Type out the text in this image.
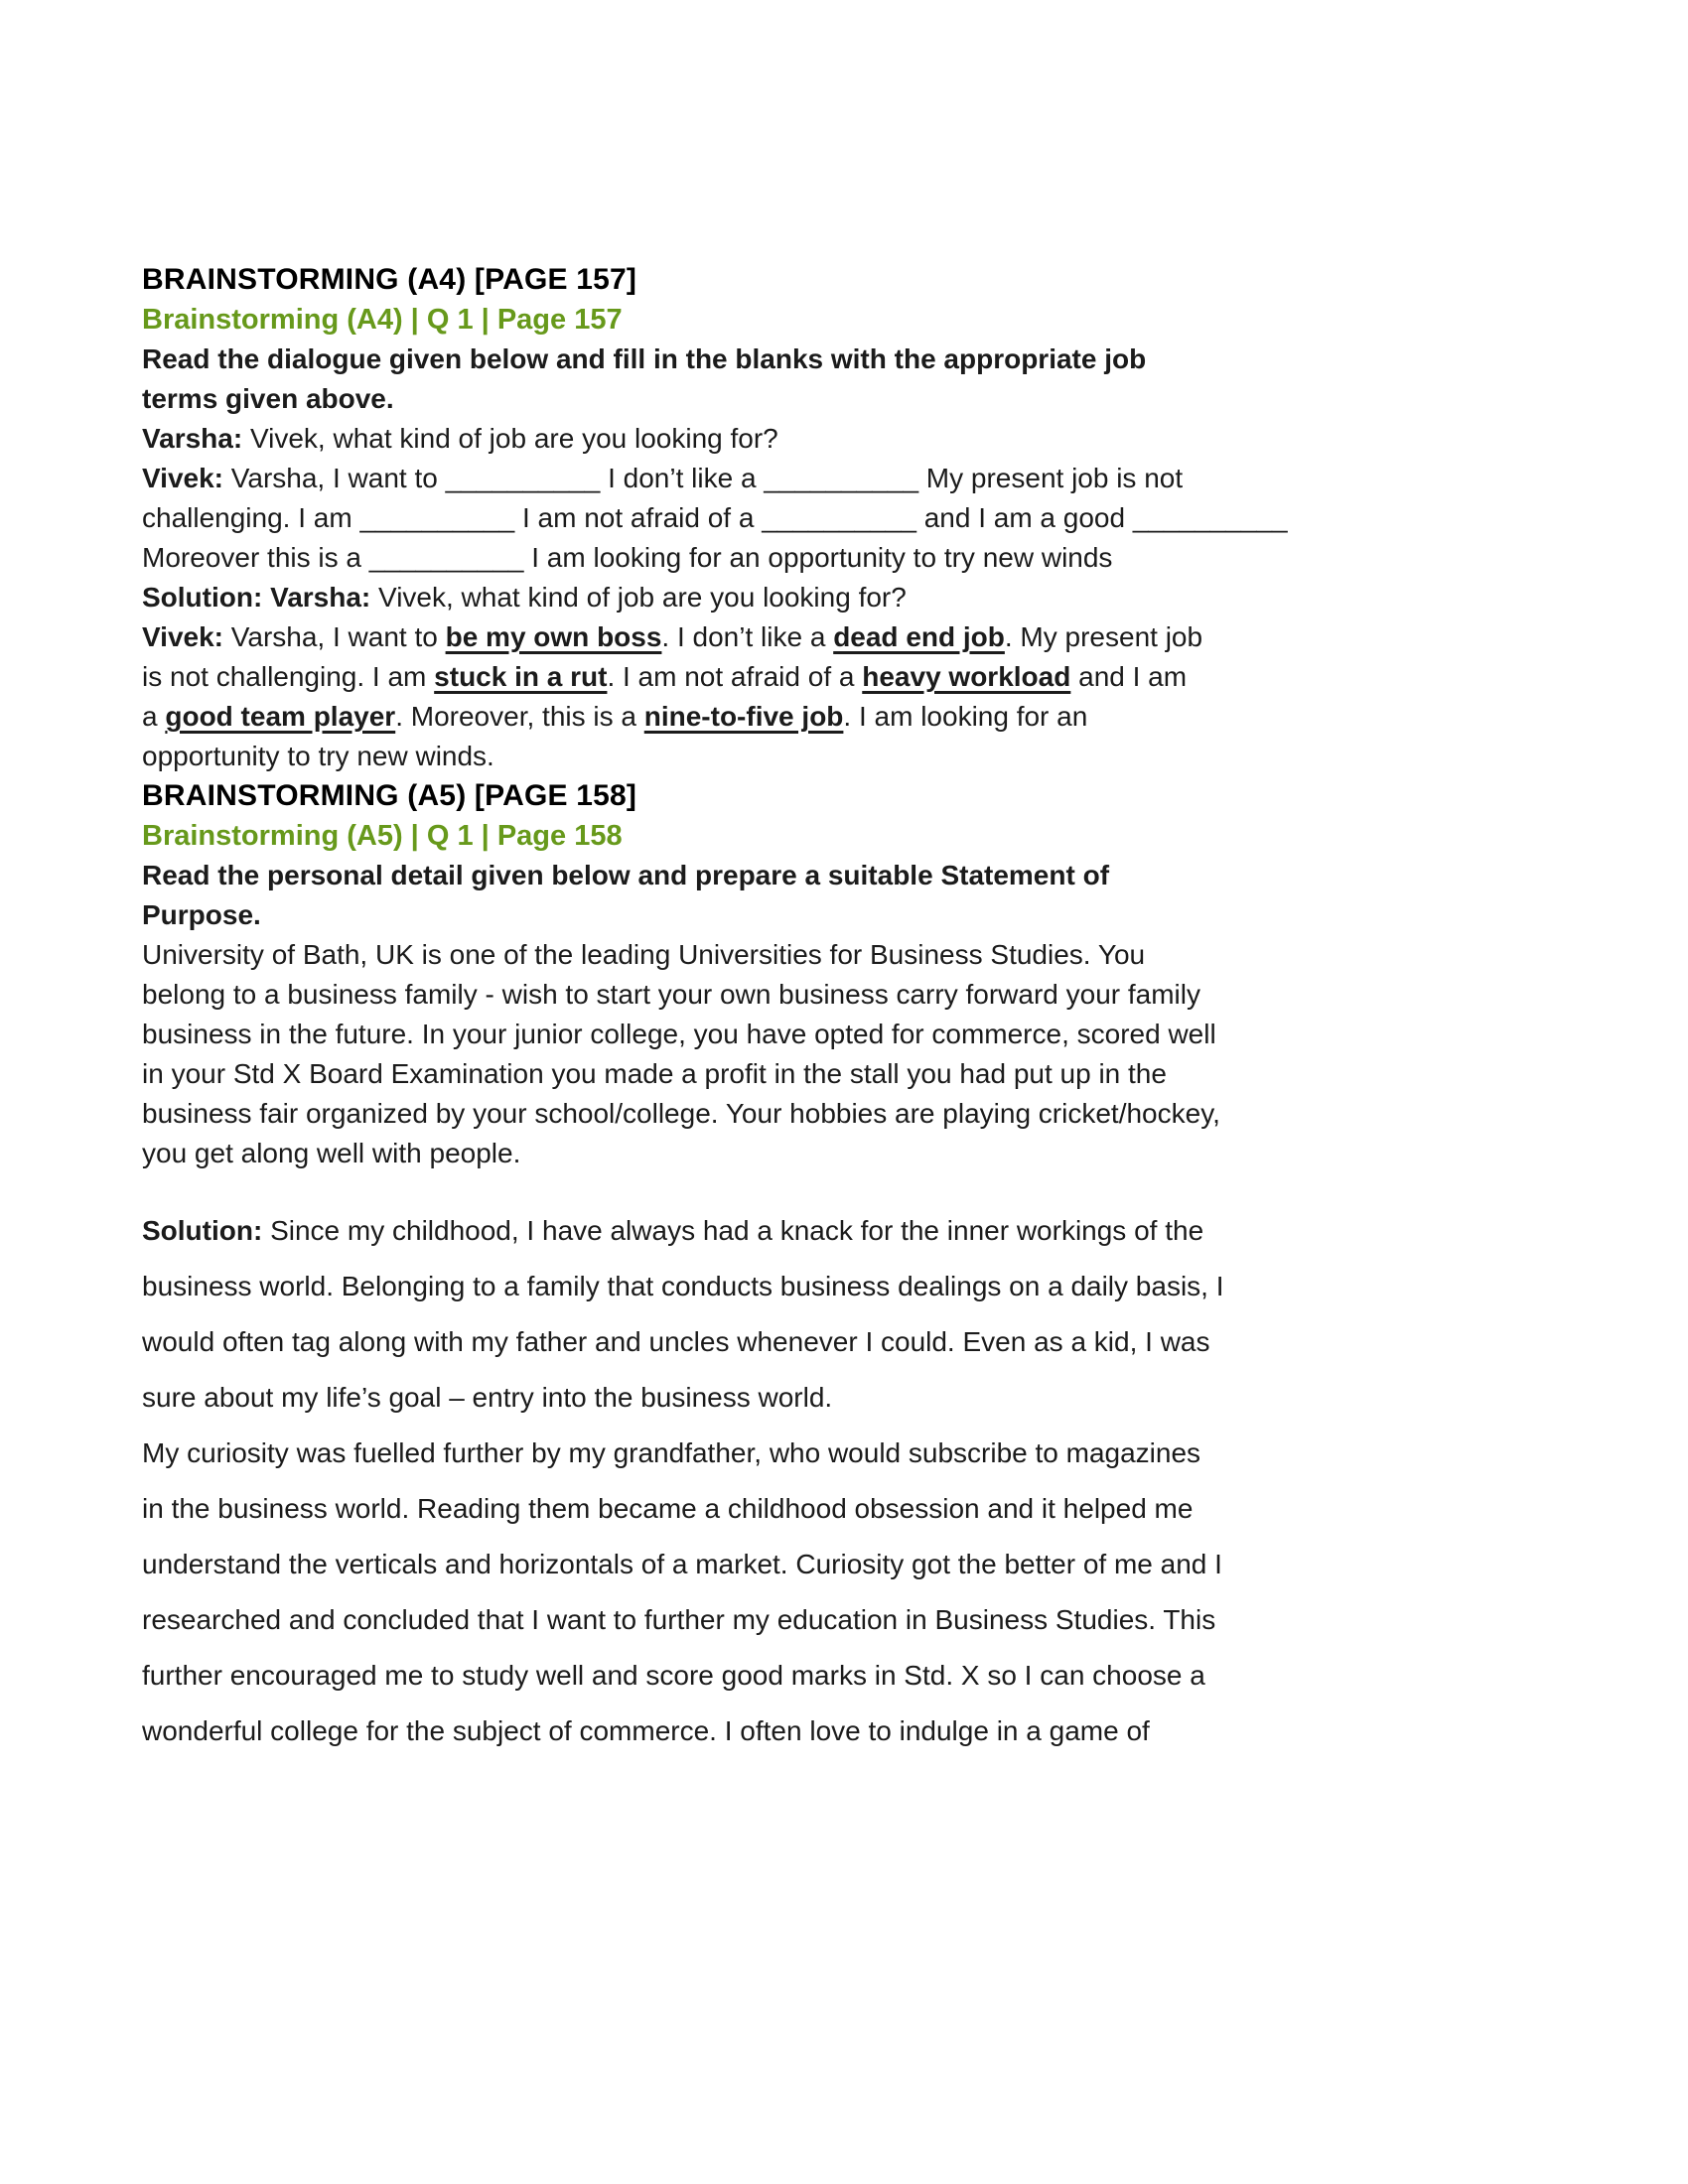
BRAINSTORMING (A4) [PAGE 157]

Brainstorming (A4) | Q 1 | Page 157

Read the dialogue given below and fill in the blanks with the appropriate job
terms given above.

Varsha: Vivek, what kind of job are you looking for?

Vivek: Varsha, I want to __________ I don’t like a __________ My present job is not
challenging. I am __________ I am not afraid of a __________ and I am a good __________
Moreover this is a __________ I am looking for an opportunity to try new winds

Solution: Varsha: Vivek, what kind of job are you looking for?

Vivek: Varsha, I want to be my own boss. I don’t like a dead end job. My present job
is not challenging. I am stuck in a rut. I am not afraid of a heavy workload and I am
a good team player. Moreover, this is a nine-to-five job. I am looking for an
opportunity to try new winds.

BRAINSTORMING (A5) [PAGE 158]

Brainstorming (A5) | Q 1 | Page 158

Read the personal detail given below and prepare a suitable Statement of
Purpose.

University of Bath, UK is one of the leading Universities for Business Studies. You
belong to a business family - wish to start your own business carry forward your family
business in the future. In your junior college, you have opted for commerce, scored well
in your Std X Board Examination you made a profit in the stall you had put up in the
business fair organized by your school/college. Your hobbies are playing cricket/hockey,
you get along well with people.

Solution: Since my childhood, I have always had a knack for the inner workings of the
business world. Belonging to a family that conducts business dealings on a daily basis, I
would often tag along with my father and uncles whenever I could. Even as a kid, I was
sure about my life’s goal – entry into the business world.

My curiosity was fuelled further by my grandfather, who would subscribe to magazines
in the business world. Reading them became a childhood obsession and it helped me
understand the verticals and horizontals of a market. Curiosity got the better of me and I
researched and concluded that I want to further my education in Business Studies. This
further encouraged me to study well and score good marks in Std. X so I can choose a
wonderful college for the subject of commerce. I often love to indulge in a game of
